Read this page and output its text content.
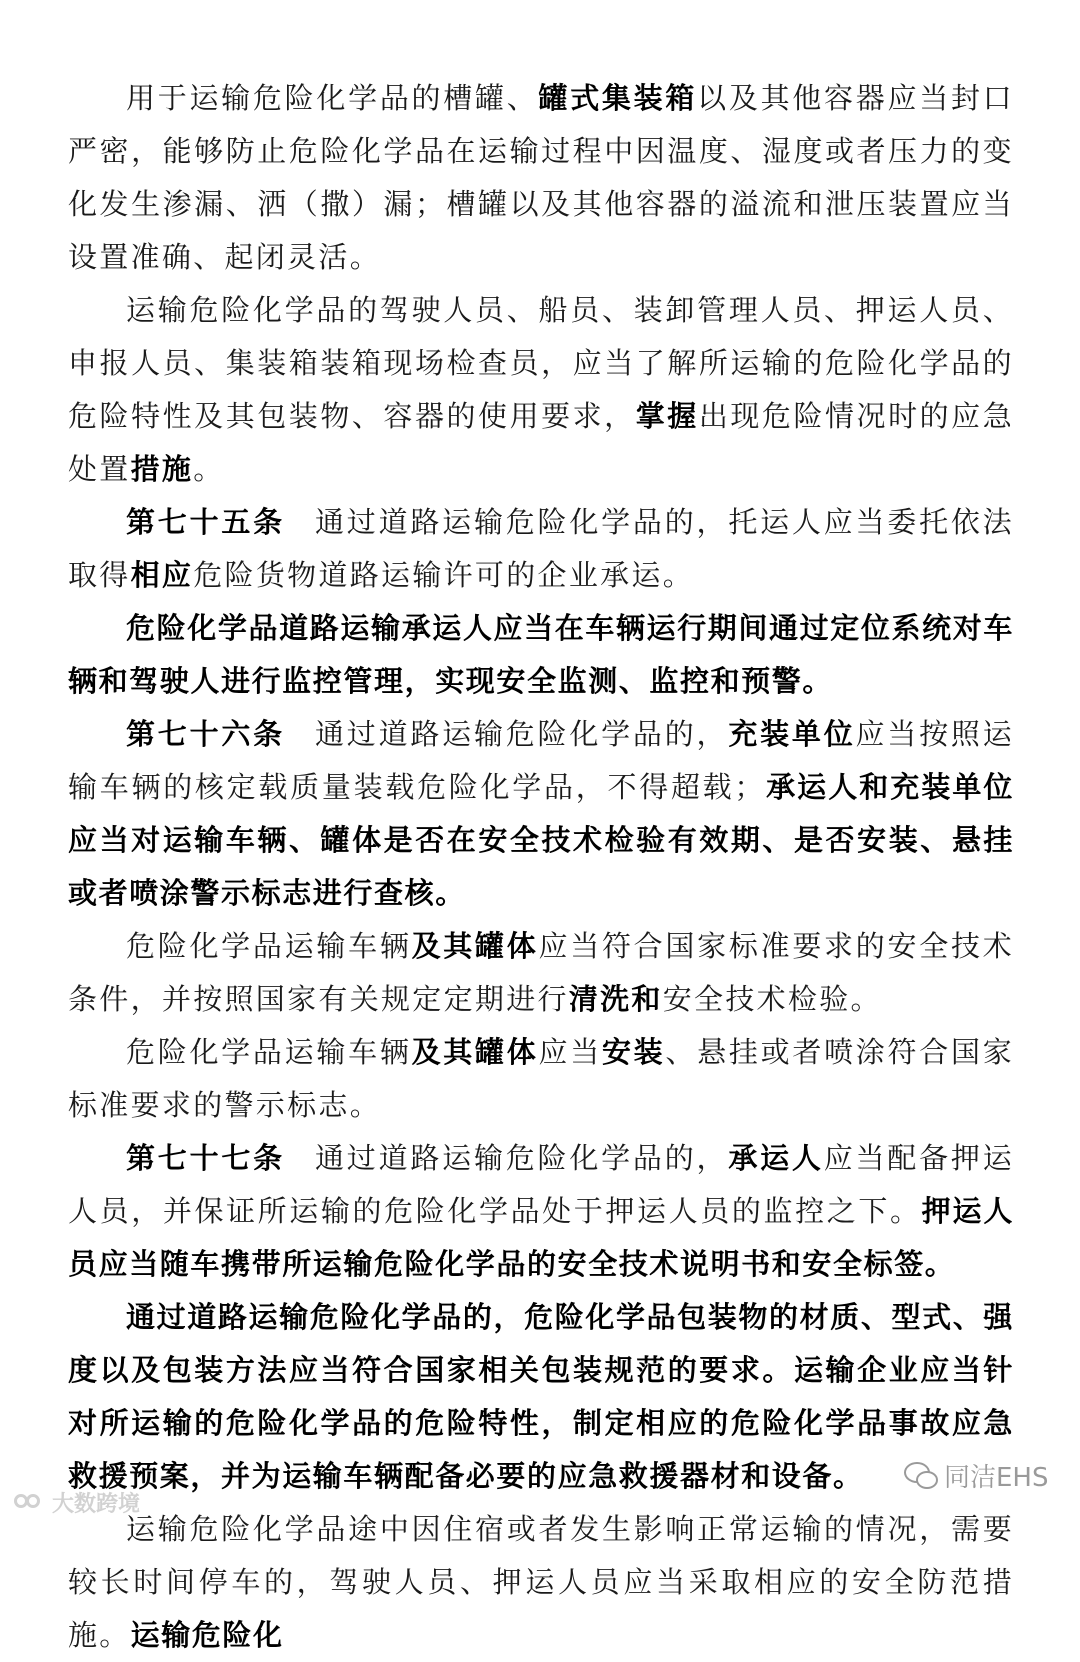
用于运输危险化学品的槽罐、罐式集装箱以及其他容器应当封口严密，能够防止危险化学品在运输过程中因温度、湿度或者压力的变化发生渗漏、洒（撒）漏；槽罐以及其他容器的溢流和泄压装置应当设置准确、起闭灵活。

运输危险化学品的驾驶人员、船员、装卸管理人员、押运人员、申报人员、集装箱装箱现场检查员，应当了解所运输的危险化学品的危险特性及其包装物、容器的使用要求，掌握出现危险情况时的应急处置措施。

第七十五条 通过道路运输危险化学品的，托运人应当委托依法取得相应危险货物道路运输许可的企业承运。

危险化学品道路运输承运人应当在车辆运行期间通过定位系统对车辆和驾驶人进行监控管理，实现安全监测、监控和预警。

第七十六条 通过道路运输危险化学品的，充装单位应当按照运输车辆的核定载质量装载危险化学品，不得超载；承运人和充装单位应当对运输车辆、罐体是否在安全技术检验有效期、是否安装、悬挂或者喷涂警示标志进行查核。

危险化学品运输车辆及其罐体应当符合国家标准要求的安全技术条件，并按照国家有关规定定期进行清洗和安全技术检验。

危险化学品运输车辆及其罐体应当安装、悬挂或者喷涂符合国家标准要求的警示标志。

第七十七条 通过道路运输危险化学品的，承运人应当配备押运人员，并保证所运输的危险化学品处于押运人员的监控之下。押运人员应当随车携带所运输危险化学品的安全技术说明书和安全标签。

通过道路运输危险化学品的，危险化学品包装物的材质、型式、强度以及包装方法应当符合国家相关包装规范的要求。运输企业应当针对所运输的危险化学品的危险特性，制定相应的危险化学品事故应急救援预案，并为运输车辆配备必要的应急救援器材和设备。

运输危险化学品途中因住宿或者发生影响正常运输的情况，需要较长时间停车的，驾驶人员、押运人员应当采取相应的安全防范措施。运输危险化

大数跨境
同洁EHS
